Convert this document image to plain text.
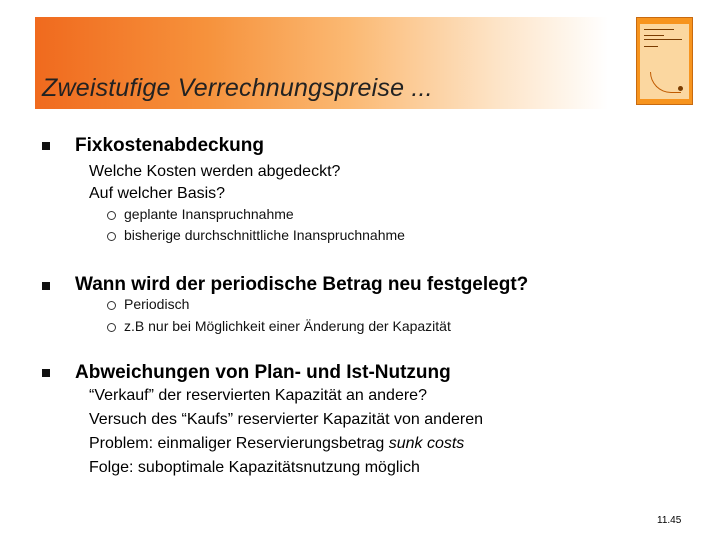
Zweistufige Verrechnungspreise ...
Fixkostenabdeckung
Welche Kosten werden abgedeckt?
Auf welcher Basis?
geplante Inanspruchnahme
bisherige durchschnittliche Inanspruchnahme
Wann wird der periodische Betrag neu festgelegt?
Periodisch
z.B nur bei Möglichkeit einer Änderung der Kapazität
Abweichungen von Plan- und Ist-Nutzung
“Verkauf” der reservierten Kapazität an andere?
Versuch des “Kaufs” reservierter Kapazität von anderen
Problem: einmaliger Reservierungsbetrag sunk costs
Folge: suboptimale Kapazitätsnutzung möglich
11.45
